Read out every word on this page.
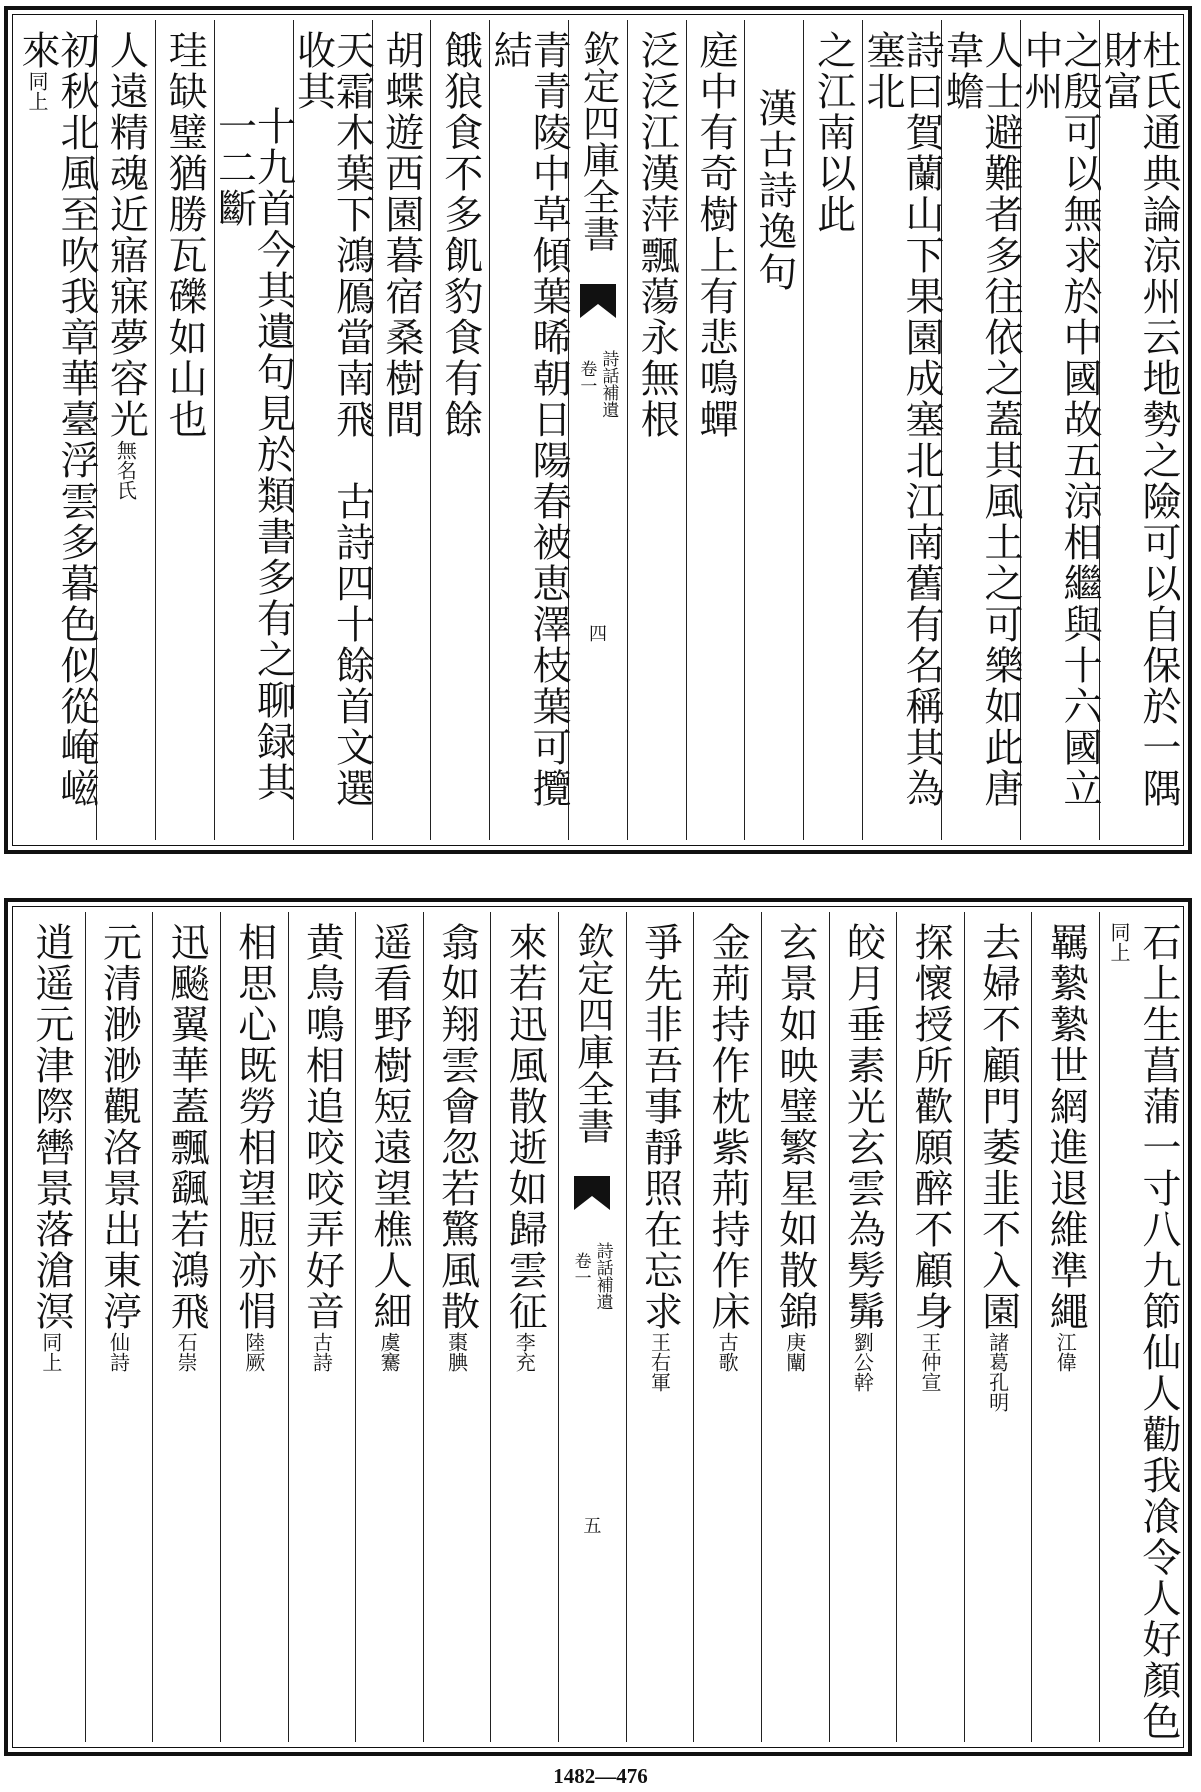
杜氏通典論涼州云地勢之險可以自保於一隅財富
之殷可以無求於中國故五涼相繼與十六國立中州
人士避難者多往依之蓋其風土之可樂如此唐韋蟾
詩曰賀蘭山下果園成塞北江南舊有名稱其為塞北
之江南以此
漢古詩逸句
庭中有奇樹上有悲鳴蟬
泛泛江漢萍飄蕩永無根
欽定四庫全書
詩話補遺
卷一
四
青青陵中草傾葉晞朝日陽春被恵澤枝葉可攬結
餓狼食不多飢豹食有餘
胡蝶遊西園暮宿桑樹間
天霜木葉下鴻鴈當南飛　古詩四十餘首文選收其
十九首今其遺句見於類書多有之聊録其一二斷
珪缺璧猶勝瓦礫如山也
人遠精魂近寤寐夢容光無名氏
初秋北風至吹我章華臺浮雲多暮色似從崦嵫來同上
石上生菖蒲一寸八九節仙人勸我飡令人好顏色同上
羈縶縶世網進退維準繩江偉
去婦不顧門萎韭不入園諸葛孔明
探懷授所歡願醉不顧身王仲宣
皎月垂素光玄雲為髣髴劉公幹
玄景如映璧繁星如散錦庚闡
金荊持作枕紫荊持作床古歌
爭先非吾事靜照在忘求王右軍
欽定四庫全書
詩話補遺
卷一
五
來若迅風散逝如歸雲征李充
翕如翔雲會忽若驚風散棗腆
遥看野樹短遠望樵人細虞騫
黄鳥鳴相追咬咬弄好音古詩
相思心既勞相望脰亦悁陸厥
迅飈翼華蓋飄颻若鴻飛石崇
元清渺渺觀洛景出東渟仙詩
逍遥元津際轡景落滄溟同上
1482—476
